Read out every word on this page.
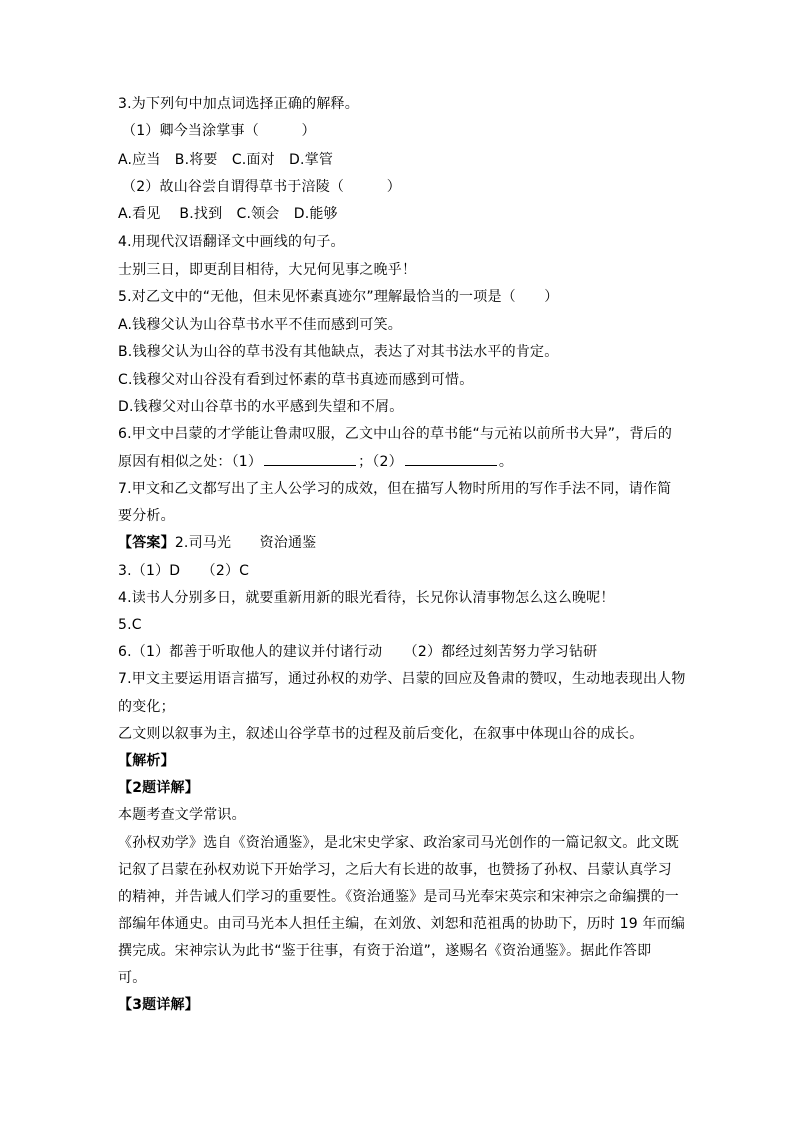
3.为下列句中加点词选择正确的解释。
（1）卿今当涂掌事（　　　）
A.应当　B.将要　C.面对　D.掌管
（2）故山谷尝自谓得草书于涪陵（　　　）
A.看见　 B.找到　C.领会　D.能够
4.用现代汉语翻译文中画线的句子。
士别三日，即更刮目相待，大兄何见事之晚乎！
5.对乙文中的“无他，但未见怀素真迹尔”理解最恰当的一项是（　　）
A.钱穆父认为山谷草书水平不佳而感到可笑。
B.钱穆父认为山谷的草书没有其他缺点，表达了对其书法水平的肯定。
C.钱穆父对山谷没有看到过怀素的草书真迹而感到可惜。
D.钱穆父对山谷草书的水平感到失望和不屑。
6.甲文中吕蒙的才学能让鲁肃叹服，乙文中山谷的草书能“与元祐以前所书大异”，背后的
原因有相似之处：（1）	；（2）	。
7.甲文和乙文都写出了主人公学习的成效，但在描写人物时所用的写作手法不同，请作简
要分析。
【答案】2.司马光　　资治通鉴
3.（1）D　　（2）C
4.读书人分别多日，就要重新用新的眼光看待，长兄你认清事物怎么这么晚呢！
5.C
6.（1）都善于听取他人的建议并付诸行动　　（2）都经过刻苦努力学习钻研
7.甲文主要运用语言描写，通过孙权的劝学、吕蒙的回应及鲁肃的赞叹，生动地表现出人物
的变化；
乙文则以叙事为主，叙述山谷学草书的过程及前后变化，在叙事中体现山谷的成长。
【解析】
【2题详解】
本题考查文学常识。
《孙权劝学》选自《资治通鉴》，是北宋史学家、政治家司马光创作的一篇记叙文。此文既
记叙了吕蒙在孙权劝说下开始学习，之后大有长进的故事，也赞扬了孙权、吕蒙认真学习
的精神，并告诫人们学习的重要性。《资治通鉴》是司马光奉宋英宗和宋神宗之命编撰的一
部编年体通史。由司马光本人担任主编，在刘攽、刘恕和范祖禹的协助下，历时 19 年而编
撰完成。宋神宗认为此书“鉴于往事，有资于治道”，遂赐名《资治通鉴》。据此作答即
可。
【3题详解】
